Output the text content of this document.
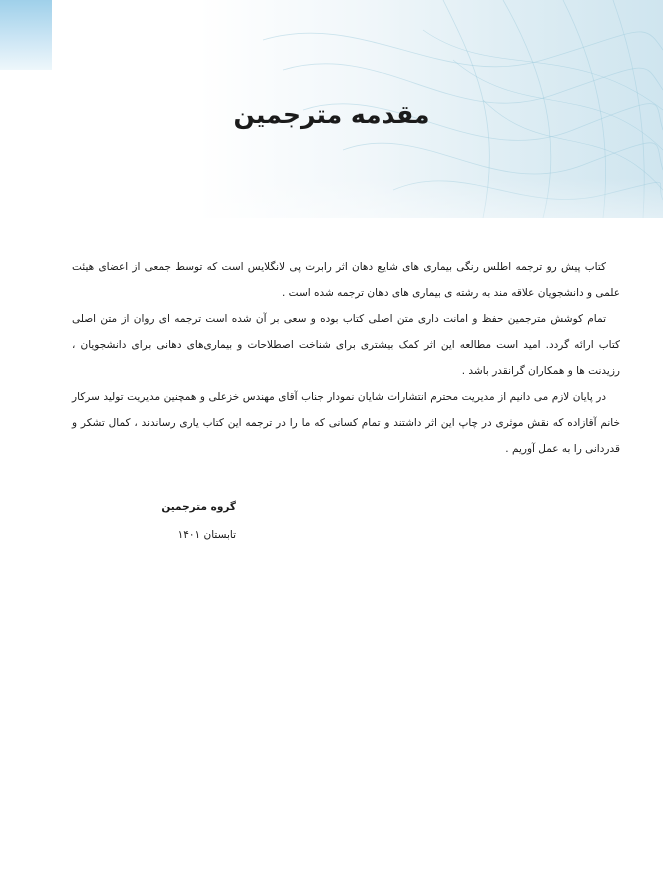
مقدمه مترجمین

کتاب پیش رو ترجمه اطلس رنگی بیماری های شایع دهان اثر رابرت پی لانگلایس است که توسط جمعی از اعضای هیئت علمی و دانشجویان علاقه مند به رشته ی بیماری های دهان ترجمه شده است .

تمام کوشش مترجمین حفظ و امانت داری متن اصلی کتاب بوده و سعی بر آن شده است ترجمه ای روان از متن اصلی کتاب ارائه گردد. امید است مطالعه این اثر کمک بیشتری برای شناخت اصطلاحات و بیماری‌های دهانی برای دانشجویان ، رزیدنت ها و همکاران گرانقدر باشد .

در پایان لازم می دانیم از مدیریت محترم انتشارات شایان نمودار جناب آقای مهندس خزعلی و همچنین مدیریت تولید سرکار خانم آقازاده که نقش موثری در چاپ این اثر داشتند و تمام کسانی که ما را در ترجمه این کتاب یاری رساندند ، کمال تشکر و قدردانی را به عمل آوریم .

گروه مترجمین
تابستان ۱۴۰۱
